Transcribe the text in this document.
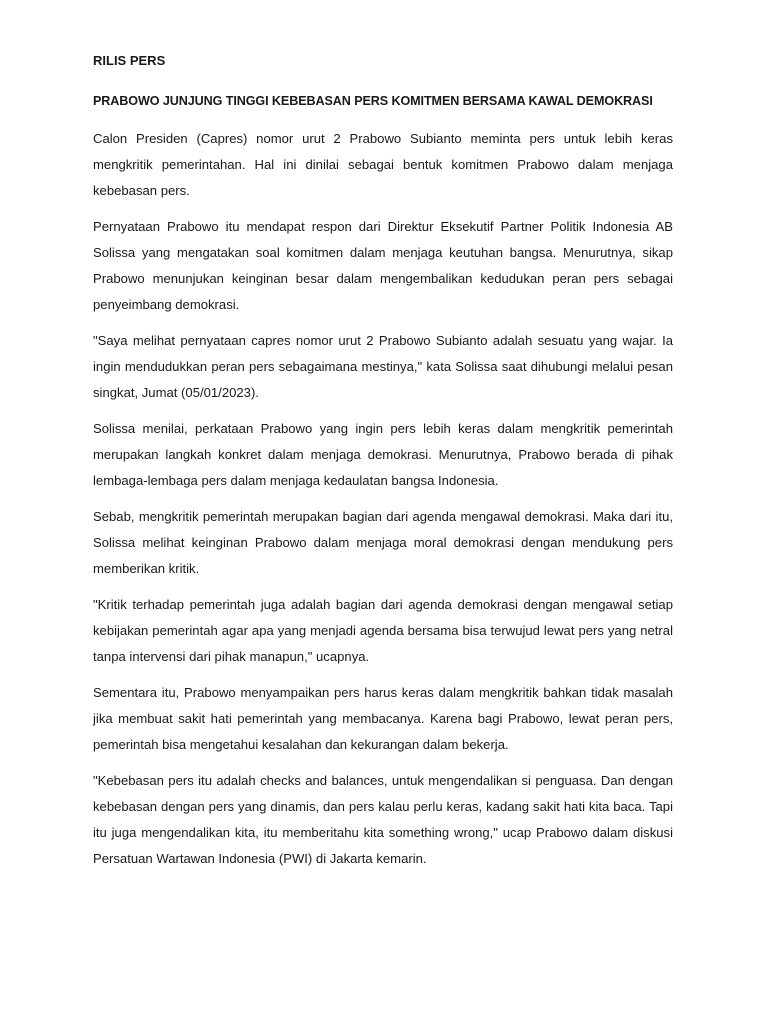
RILIS PERS

PRABOWO JUNJUNG TINGGI KEBEBASAN PERS KOMITMEN BERSAMA KAWAL DEMOKRASI

Calon Presiden (Capres) nomor urut 2 Prabowo Subianto meminta pers untuk lebih keras mengkritik pemerintahan. Hal ini dinilai sebagai bentuk komitmen Prabowo dalam menjaga kebebasan pers.

Pernyataan Prabowo itu mendapat respon dari Direktur Eksekutif Partner Politik Indonesia AB Solissa yang mengatakan soal komitmen dalam menjaga keutuhan bangsa. Menurutnya, sikap Prabowo menunjukan keinginan besar dalam mengembalikan kedudukan peran pers sebagai penyeimbang demokrasi.

"Saya melihat pernyataan capres nomor urut 2 Prabowo Subianto adalah sesuatu yang wajar. Ia ingin mendudukkan peran pers sebagaimana mestinya," kata Solissa saat dihubungi melalui pesan singkat, Jumat (05/01/2023).

Solissa menilai, perkataan Prabowo yang ingin pers lebih keras dalam mengkritik pemerintah merupakan langkah konkret dalam menjaga demokrasi. Menurutnya, Prabowo berada di pihak lembaga-lembaga pers dalam menjaga kedaulatan bangsa Indonesia.

Sebab, mengkritik pemerintah merupakan bagian dari agenda mengawal demokrasi. Maka dari itu, Solissa melihat keinginan Prabowo dalam menjaga moral demokrasi dengan mendukung pers memberikan kritik.

"Kritik terhadap pemerintah juga adalah bagian dari agenda demokrasi dengan mengawal setiap kebijakan pemerintah agar apa yang menjadi agenda bersama bisa terwujud lewat pers yang netral tanpa intervensi dari pihak manapun," ucapnya.

Sementara itu, Prabowo menyampaikan pers harus keras dalam mengkritik bahkan tidak masalah jika membuat sakit hati pemerintah yang membacanya. Karena bagi Prabowo, lewat peran pers, pemerintah bisa mengetahui kesalahan dan kekurangan dalam bekerja.

"Kebebasan pers itu adalah checks and balances, untuk mengendalikan si penguasa. Dan dengan kebebasan dengan pers yang dinamis, dan pers kalau perlu keras, kadang sakit hati kita baca. Tapi itu juga mengendalikan kita, itu memberitahu kita something wrong," ucap Prabowo dalam diskusi Persatuan Wartawan Indonesia (PWI) di Jakarta kemarin.
